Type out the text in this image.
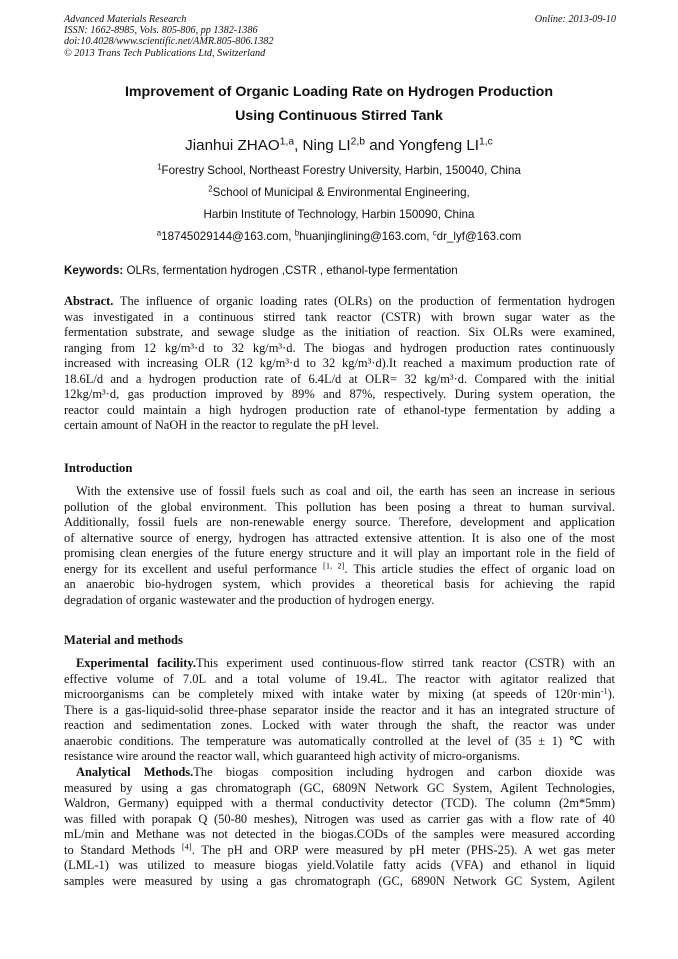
Advanced Materials Research
ISSN: 1662-8985, Vols. 805-806, pp 1382-1386
doi:10.4028/www.scientific.net/AMR.805-806.1382
© 2013 Trans Tech Publications Ltd, Switzerland
Online: 2013-09-10
Improvement of Organic Loading Rate on Hydrogen Production
Using Continuous Stirred Tank
Jianhui ZHAO$^{1,a}$, Ning LI$^{2,b}$ and Yongfeng LI$^{1,c}$
$^1$Forestry School, Northeast Forestry University, Harbin, 150040, China
$^2$School of Municipal & Environmental Engineering,
Harbin Institute of Technology, Harbin 150090, China
$^a$18745029144@163.com, $^b$huanjinglining@163.com, $^c$dr_lyf@163.com
Keywords: OLRs, fermentation hydrogen ,CSTR , ethanol-type fermentation
Abstract. The influence of organic loading rates (OLRs) on the production of fermentation hydrogen
was investigated in a continuous stirred tank reactor (CSTR) with brown sugar water as the
fermentation substrate, and sewage sludge as the initiation of reaction. Six OLRs were examined,
ranging from 12 kg/m³·d to 32 kg/m³·d. The biogas and hydrogen production rates continuously
increased with increasing OLR (12 kg/m³·d to 32 kg/m³·d).It reached a maximum production rate of
18.6L/d and a hydrogen production rate of 6.4L/d at OLR= 32 kg/m³·d. Compared with the initial
12kg/m³·d, gas production improved by 89% and 87%, respectively. During system operation, the
reactor could maintain a high hydrogen production rate of ethanol-type fermentation by adding a
certain amount of NaOH in the reactor to regulate the pH level.
Introduction
With the extensive use of fossil fuels such as coal and oil, the earth has seen an increase in serious
pollution of the global environment. This pollution has been posing a threat to human survival.
Additionally, fossil fuels are non-renewable energy source. Therefore, development and application
of alternative source of energy, hydrogen has attracted extensive attention. It is also one of the most
promising clean energies of the future energy structure and it will play an important role in the field of
energy for its excellent and useful performance [1, 2]. This article studies the effect of organic load on
an anaerobic bio-hydrogen system, which provides a theoretical basis for achieving the rapid
degradation of organic wastewater and the production of hydrogen energy.
Material and methods
Experimental facility.This experiment used continuous-flow stirred tank reactor (CSTR) with an
effective volume of 7.0L and a total volume of 19.4L. The reactor with agitator realized that
microorganisms can be completely mixed with intake water by mixing (at speeds of $120r\cdot\min^{-1}$).
There is a gas-liquid-solid three-phase separator inside the reactor and it has an integrated structure of
reaction and sedimentation zones. Locked with water through the shaft, the reactor was under
anaerobic conditions. The temperature was automatically controlled at the level of (35 ± 1) ℃ with
resistance wire around the reactor wall, which guaranteed high activity of micro-organisms.
Analytical Methods.The biogas composition including hydrogen and carbon dioxide was
measured by using a gas chromatograph (GC, 6809N Network GC System, Agilent Technologies,
Waldron, Germany) equipped with a thermal conductivity detector (TCD). The column (2m*5mm)
was filled with porapak Q (50-80 meshes), Nitrogen was used as carrier gas with a flow rate of 40
mL/min and Methane was not detected in the biogas.CODs of the samples were measured according
to Standard Methods [4]. The pH and ORP were measured by pH meter (PHS-25). A wet gas meter
(LML-1) was utilized to measure biogas yield.Volatile fatty acids (VFA) and ethanol in liquid
samples were measured by using a gas chromatograph (GC, 6890N Network GC System, Agilent
